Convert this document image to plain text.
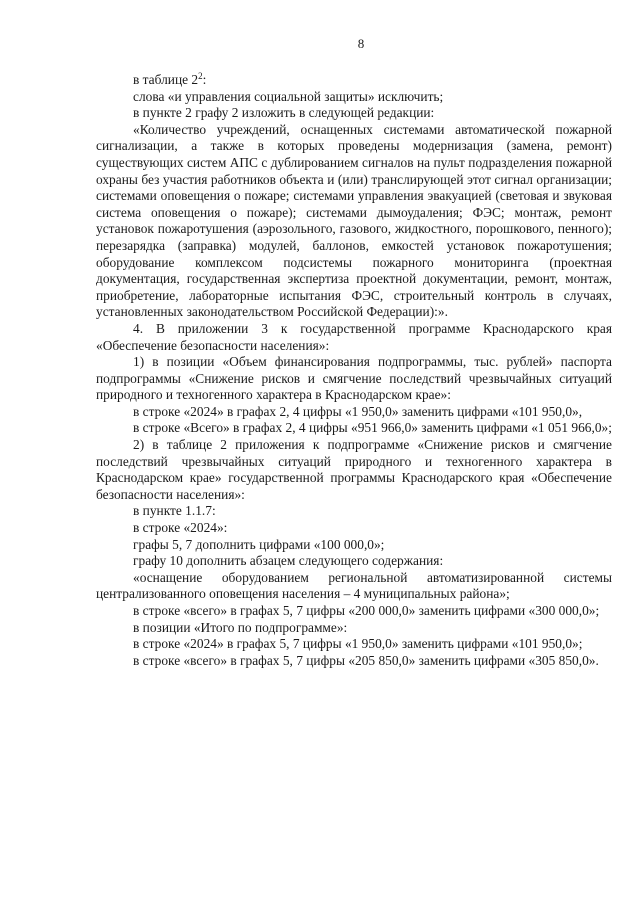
8

в таблице $2^2$:

слова «и управления социальной защиты» исключить;

в пункте 2 графу 2 изложить в следующей редакции:

«Количество учреждений, оснащенных системами автоматической пожарной сигнализации, а также в которых проведены модернизация (замена, ремонт) существующих систем АПС с дублированием сигналов на пульт подразделения пожарной охраны без участия работников объекта и (или) транслирующей этот сигнал организации; системами оповещения о пожаре; системами управления эвакуацией (световая и звуковая система оповещения о пожаре); системами дымоудаления; ФЭС; монтаж, ремонт установок пожаротушения (аэрозольного, газового, жидкостного, порошкового, пенного); перезарядка (заправка) модулей, баллонов, емкостей установок пожаротушения; оборудование комплексом подсистемы пожарного мониторинга (проектная документация, государственная экспертиза проектной документации, ремонт, монтаж, приобретение, лабораторные испытания ФЭС, строительный контроль в случаях, установленных законодательством Российской Федерации):».

4. В приложении 3 к государственной программе Краснодарского края «Обеспечение безопасности населения»:

1) в позиции «Объем финансирования подпрограммы, тыс. рублей» паспорта подпрограммы «Снижение рисков и смягчение последствий чрезвычайных ситуаций природного и техногенного характера в Краснодарском крае»:

в строке «2024» в графах 2, 4 цифры «1 950,0» заменить цифрами «101 950,0»,

в строке «Всего» в графах 2, 4 цифры «951 966,0» заменить цифрами «1 051 966,0»;

2) в таблице 2 приложения к подпрограмме «Снижение рисков и смягчение последствий чрезвычайных ситуаций природного и техногенного характера в Краснодарском крае» государственной программы Краснодарского края «Обеспечение безопасности населения»:

в пункте 1.1.7:

в строке «2024»:

графы 5, 7 дополнить цифрами «100 000,0»;

графу 10 дополнить абзацем следующего содержания:

«оснащение оборудованием региональной автоматизированной системы централизованного оповещения населения – 4 муниципальных района»;

в строке «всего» в графах 5, 7 цифры «200 000,0» заменить цифрами «300 000,0»;

в позиции «Итого по подпрограмме»:

в строке «2024» в графах 5, 7 цифры «1 950,0» заменить цифрами «101 950,0»;

в строке «всего» в графах 5, 7 цифры «205 850,0» заменить цифрами «305 850,0».
